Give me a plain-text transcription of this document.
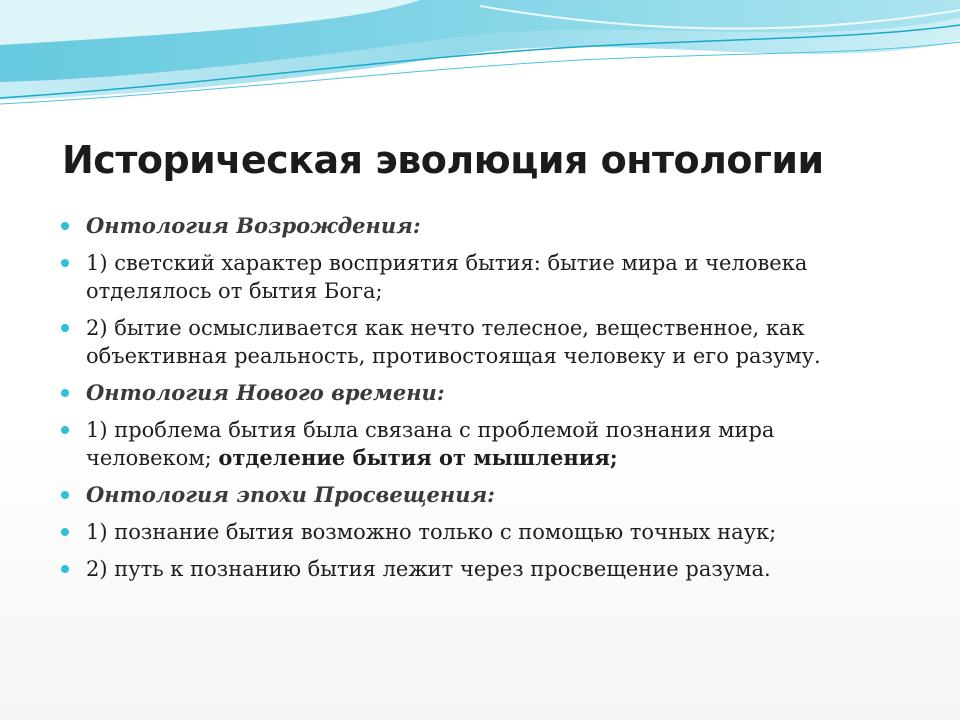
Историческая эволюция онтологии
Онтология Возрождения:
1) светский характер восприятия бытия: бытие мира и человека отделялось от бытия Бога;
2) бытие осмысливается как нечто телесное, вещественное, как объективная реальность, противостоящая человеку и его разуму.
Онтология Нового времени:
1) проблема бытия была связана с проблемой познания мира человеком; отделение бытия от мышления;
Онтология эпохи Просвещения:
1) познание бытия возможно только с помощью точных наук;
2) путь к познанию бытия лежит через просвещение разума.
